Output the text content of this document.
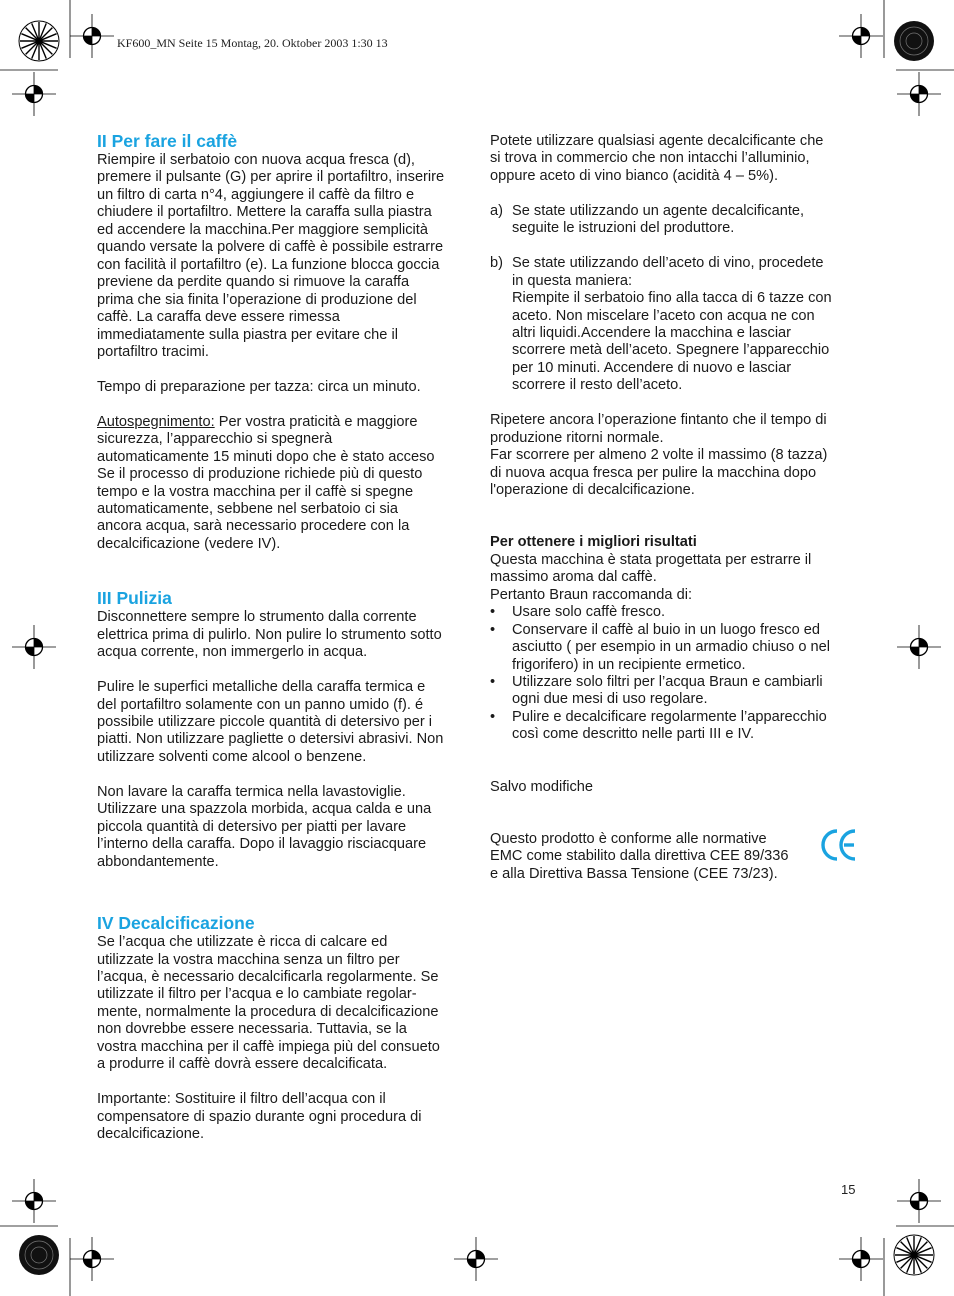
KF600_MN Seite 15 Montag, 20. Oktober 2003 1:30 13
II Per fare il caffè

Riempire il serbatoio con nuova acqua fresca (d),
premere il pulsante (G) per aprire il portafiltro, inserire
un filtro di carta n°4, aggiungere il caffè da filtro e
chiudere il portafiltro. Mettere la caraffa sulla piastra
ed accendere la macchina.Per maggiore semplicità
quando versate la polvere di caffè è possibile estrarre
con facilità il portafiltro (e). La funzione blocca goccia
previene da perdite quando si rimuove la caraffa
prima che sia finita l’operazione di produzione del
caffè. La caraffa deve essere rimessa
immediatamente sulla piastra per evitare che il
portafiltro tracimi.

Tempo di preparazione per tazza: circa un minuto.

Autospegnimento: Per vostra praticità e maggiore
sicurezza, l’apparecchio si spegnerà
automaticamente 15 minuti dopo che è stato acceso
Se il processo di produzione richiede più di questo
tempo e la vostra macchina per il caffè si spegne
automaticamente, sebbene nel serbatoio ci sia
ancora acqua, sarà necessario procedere con la
decalcificazione (vedere IV).

III Pulizia

Disconnettere sempre lo strumento dalla corrente
elettrica prima di pulirlo. Non pulire lo strumento sotto
acqua corrente, non immergerlo in acqua.

Pulire le superfici metalliche della caraffa termica e
del portafiltro solamente con un panno umido (f). é
possibile utilizzare piccole quantità di detersivo per i
piatti. Non utilizzare pagliette o detersivi abrasivi. Non
utilizzare solventi come alcool o benzene.

Non lavare la caraffa termica nella lavastoviglie.
Utilizzare una spazzola morbida, acqua calda e una
piccola quantità di detersivo per piatti per lavare
l’interno della caraffa. Dopo il lavaggio risciacquare
abbondantemente.

IV Decalcificazione

Se l’acqua che utilizzate è ricca di calcare ed
utilizzate la vostra macchina senza un filtro per
l’acqua, è necessario decalcificarla regolarmente. Se
utilizzate il filtro per l’acqua e lo cambiate regolar-
mente, normalmente la procedura di decalcificazione
non dovrebbe essere necessaria. Tuttavia, se la
vostra macchina per il caffè impiega più del consueto
a produrre il caffè dovrà essere decalcificata.

Importante: Sostituire il filtro dell’acqua con il
compensatore di spazio durante ogni procedura di
decalcificazione.

Potete utilizzare qualsiasi agente decalcificante che
si trova in commercio che non intacchi l’alluminio,
oppure aceto di vino bianco (acidità 4 – 5%).

a) Se state utilizzando un agente decalcificante,
seguite le istruzioni del produttore.
b) Se state utilizzando dell’aceto di vino, procedete
in questa maniera:
Riempite il serbatoio fino alla tacca di 6 tazze con
aceto. Non miscelare l’aceto con acqua ne con
altri liquidi.Accendere la macchina e lasciar
scorrere metà dell’aceto. Spegnere l’apparecchio
per 10 minuti. Accendere di nuovo e lasciar
scorrere il resto dell’aceto.

Ripetere ancora l’operazione fintanto che il tempo di
produzione ritorni normale.
Far scorrere per almeno 2 volte il massimo (8 tazza)
di nuova acqua fresca per pulire la macchina dopo
l'operazione di decalcificazione.

Per ottenere i migliori risultati

Questa macchina è stata progettata per estrarre il
massimo aroma dal caffè.
Pertanto Braun raccomanda di:

• Usare solo caffè fresco.
• Conservare il caffè al buio in un luogo fresco ed
asciutto ( per esempio in un armadio chiuso o nel
frigorifero) in un recipiente ermetico.
• Utilizzare solo filtri per l’acqua Braun e cambiarli
ogni due mesi di uso regolare.
• Pulire e decalcificare regolarmente l’apparecchio
così come descritto nelle parti III e IV.

Salvo modifiche

Questo prodotto è conforme alle normative
EMC come stabilito dalla direttiva CEE 89/336
e alla Direttiva Bassa Tensione (CEE 73/23).

15
